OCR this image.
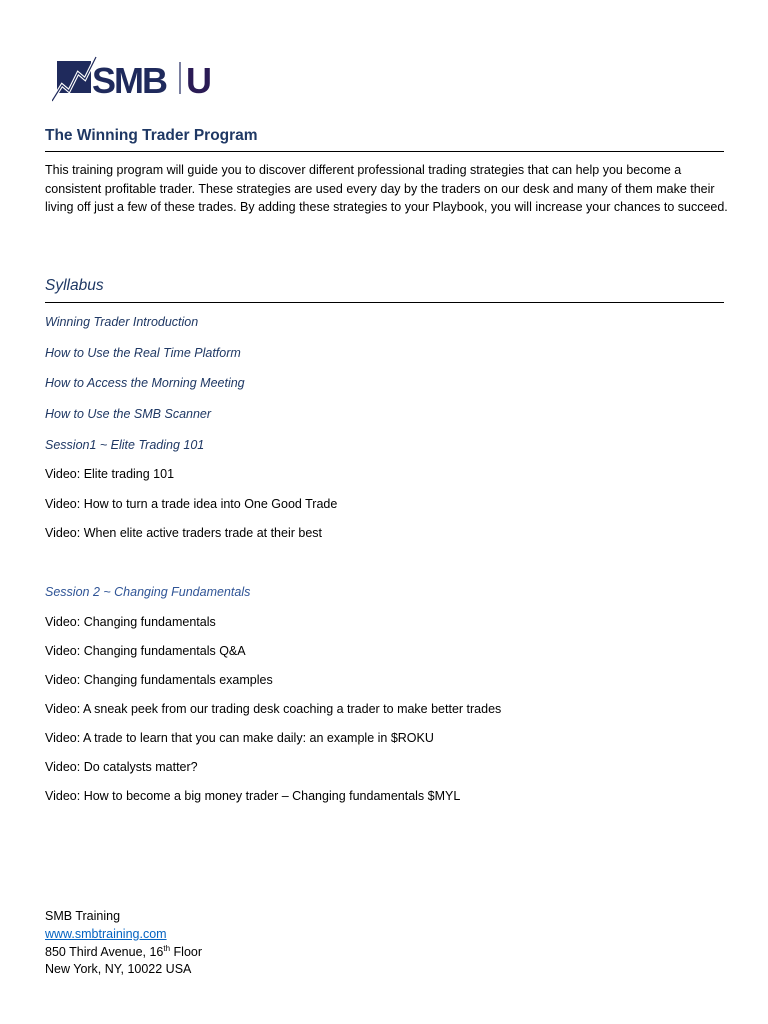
SMB U
The Winning Trader Program

This training program will guide you to discover different professional trading strategies that can help you become a consistent profitable trader. These strategies are used every day by the traders on our desk and many of them make their living off just a few of these trades. By adding these strategies to your Playbook, you will increase your chances to succeed.

Syllabus
Winning Trader Introduction
How to Use the Real Time Platform
How to Access the Morning Meeting
How to Use the SMB Scanner
Session1 ~ Elite Trading 101
Video: Elite trading 101
Video: How to turn a trade idea into One Good Trade
Video: When elite active traders trade at their best
Session 2 ~ Changing Fundamentals
Video: Changing fundamentals
Video: Changing fundamentals Q&A
Video: Changing fundamentals examples
Video: A sneak peek from our trading desk coaching a trader to make better trades
Video: A trade to learn that you can make daily: an example in $ROKU
Video: Do catalysts matter?
Video: How to become a big money trader – Changing fundamentals $MYL
SMB Training
www.smbtraining.com
850 Third Avenue, 16th Floor
New York, NY, 10022 USA
